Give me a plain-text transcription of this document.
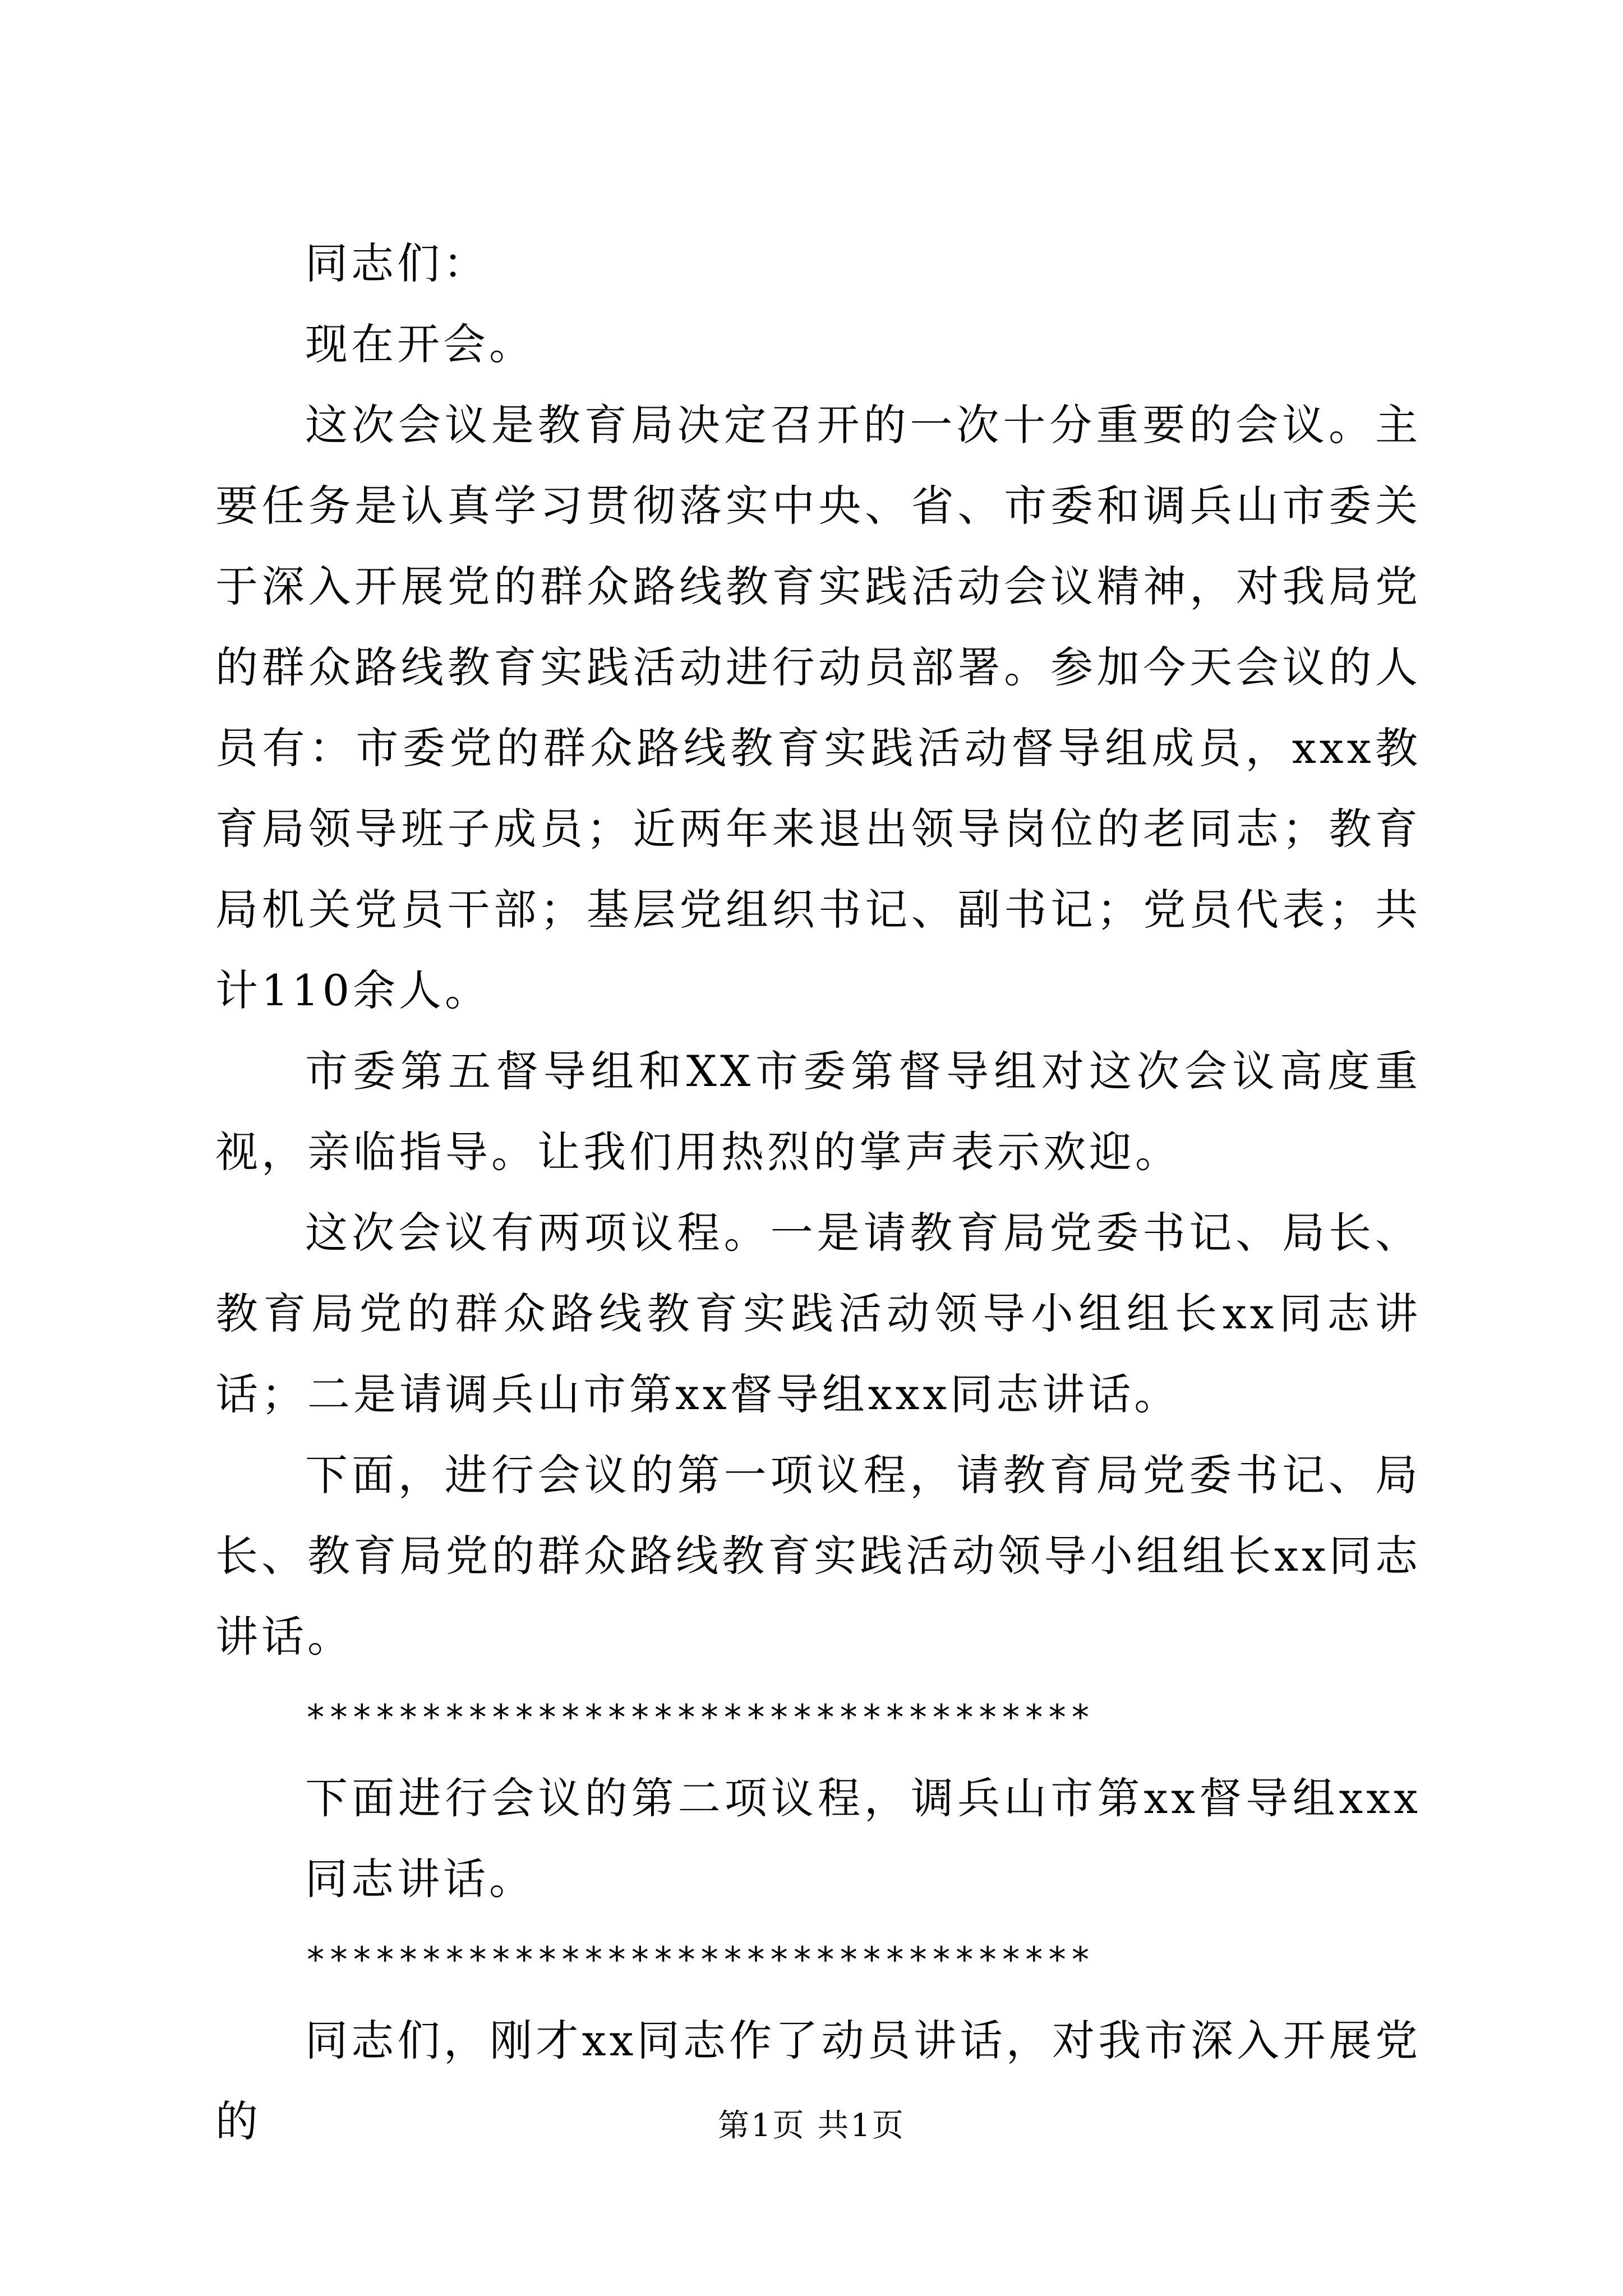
同志们：

现在开会。

这次会议是教育局决定召开的一次十分重要的会议。主要任务是认真学习贯彻落实中央、省、市委和调兵山市委关于深入开展党的群众路线教育实践活动会议精神，对我局党的群众路线教育实践活动进行动员部署。参加今天会议的人员有：市委党的群众路线教育实践活动督导组成员，xxx教育局领导班子成员；近两年来退出领导岗位的老同志；教育局机关党员干部；基层党组织书记、副书记；党员代表；共计110余人。

市委第五督导组和XX市委第督导组对这次会议高度重视，亲临指导。让我们用热烈的掌声表示欢迎。

这次会议有两项议程。一是请教育局党委书记、局长、教育局党的群众路线教育实践活动领导小组组长xx同志讲话；二是请调兵山市第xx督导组xxx同志讲话。

下面，进行会议的第一项议程，请教育局党委书记、局长、教育局党的群众路线教育实践活动领导小组组长xx同志讲话。

**********************************

下面进行会议的第二项议程，调兵山市第xx督导组xxx同志讲话。

**********************************

同志们，刚才xx同志作了动员讲话，对我市深入开展党的	第1页 共1页
